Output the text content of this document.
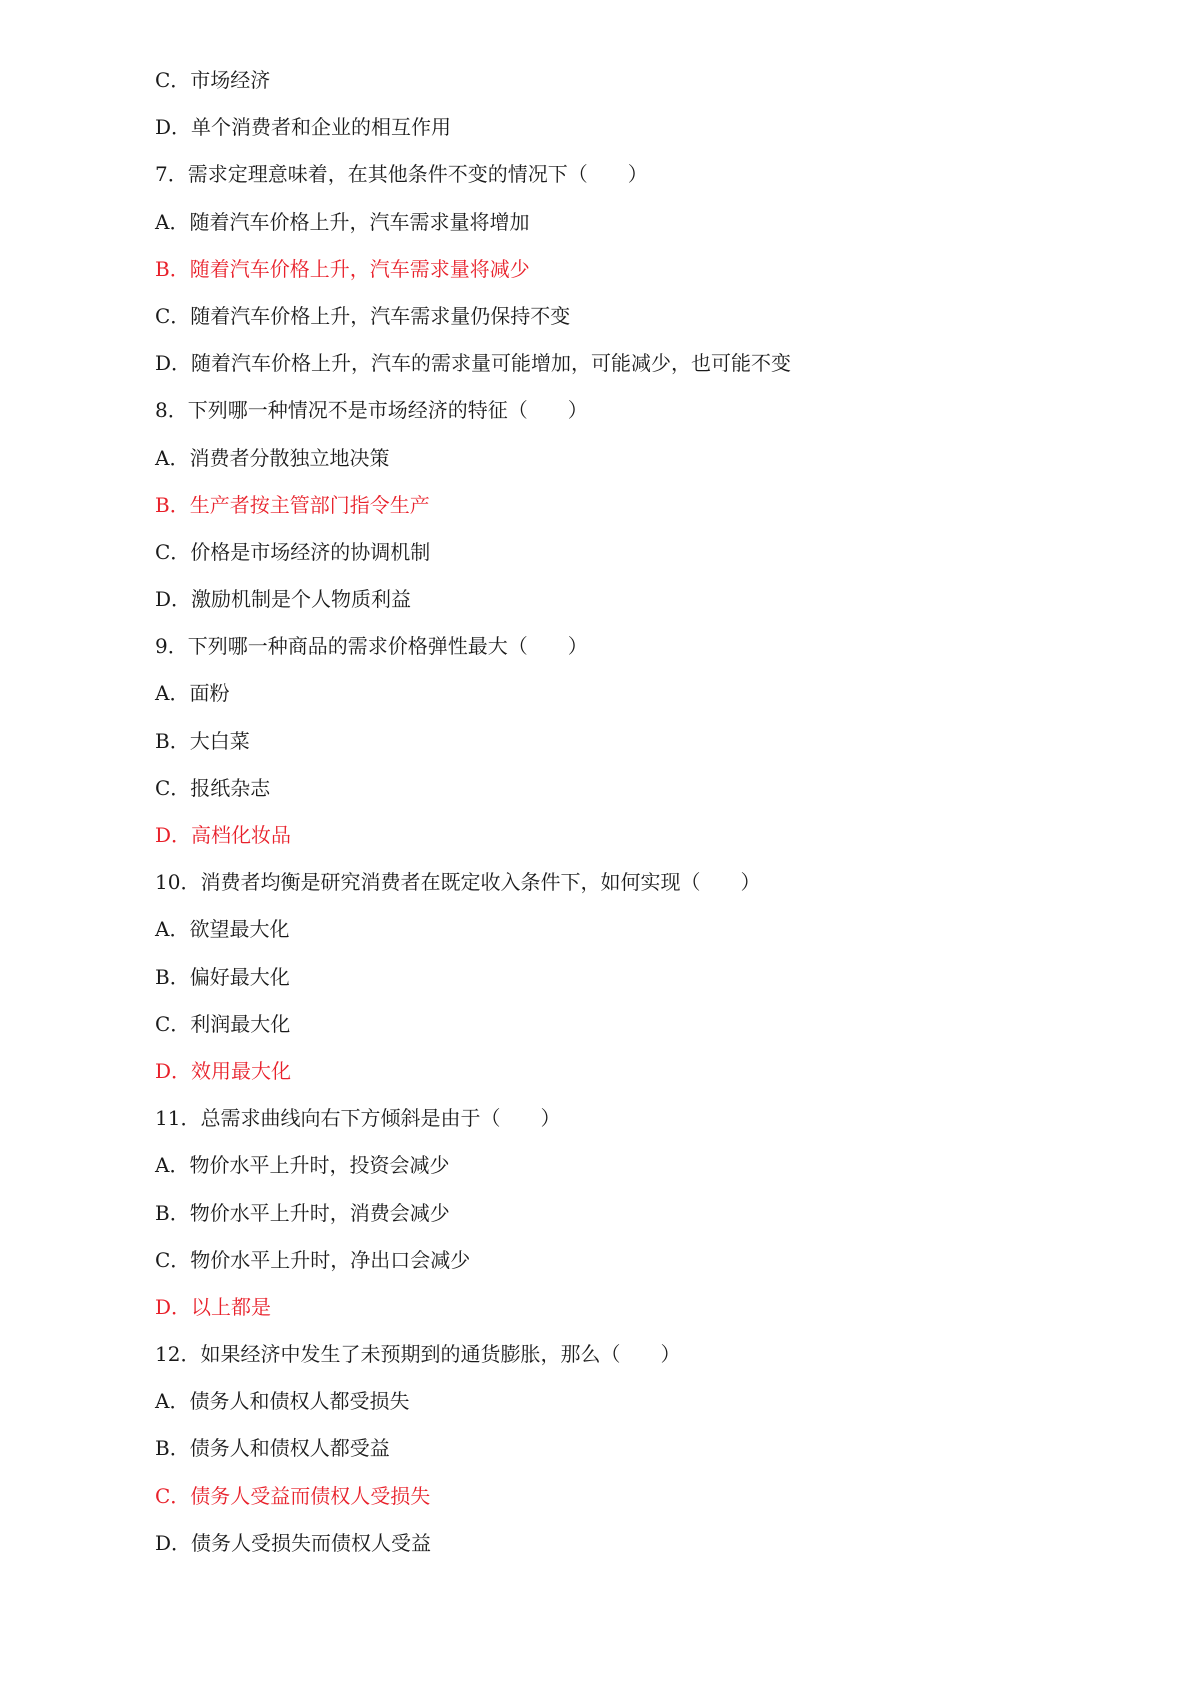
C．市场经济
D．单个消费者和企业的相互作用
7．需求定理意味着，在其他条件不变的情况下（　　）
A．随着汽车价格上升，汽车需求量将增加
B．随着汽车价格上升，汽车需求量将减少
C．随着汽车价格上升，汽车需求量仍保持不变
D．随着汽车价格上升，汽车的需求量可能增加，可能减少，也可能不变
8．下列哪一种情况不是市场经济的特征（　　）
A．消费者分散独立地决策
B．生产者按主管部门指令生产
C．价格是市场经济的协调机制
D．激励机制是个人物质利益
9．下列哪一种商品的需求价格弹性最大（　　）
A．面粉
B．大白菜
C．报纸杂志
D．高档化妆品
10．消费者均衡是研究消费者在既定收入条件下，如何实现（　　）
A．欲望最大化
B．偏好最大化
C．利润最大化
D．效用最大化
11．总需求曲线向右下方倾斜是由于（　　）
A．物价水平上升时，投资会减少
B．物价水平上升时，消费会减少
C．物价水平上升时，净出口会减少
D．以上都是
12．如果经济中发生了未预期到的通货膨胀，那么（　　）
A．债务人和债权人都受损失
B．债务人和债权人都受益
C．债务人受益而债权人受损失
D．债务人受损失而债权人受益
